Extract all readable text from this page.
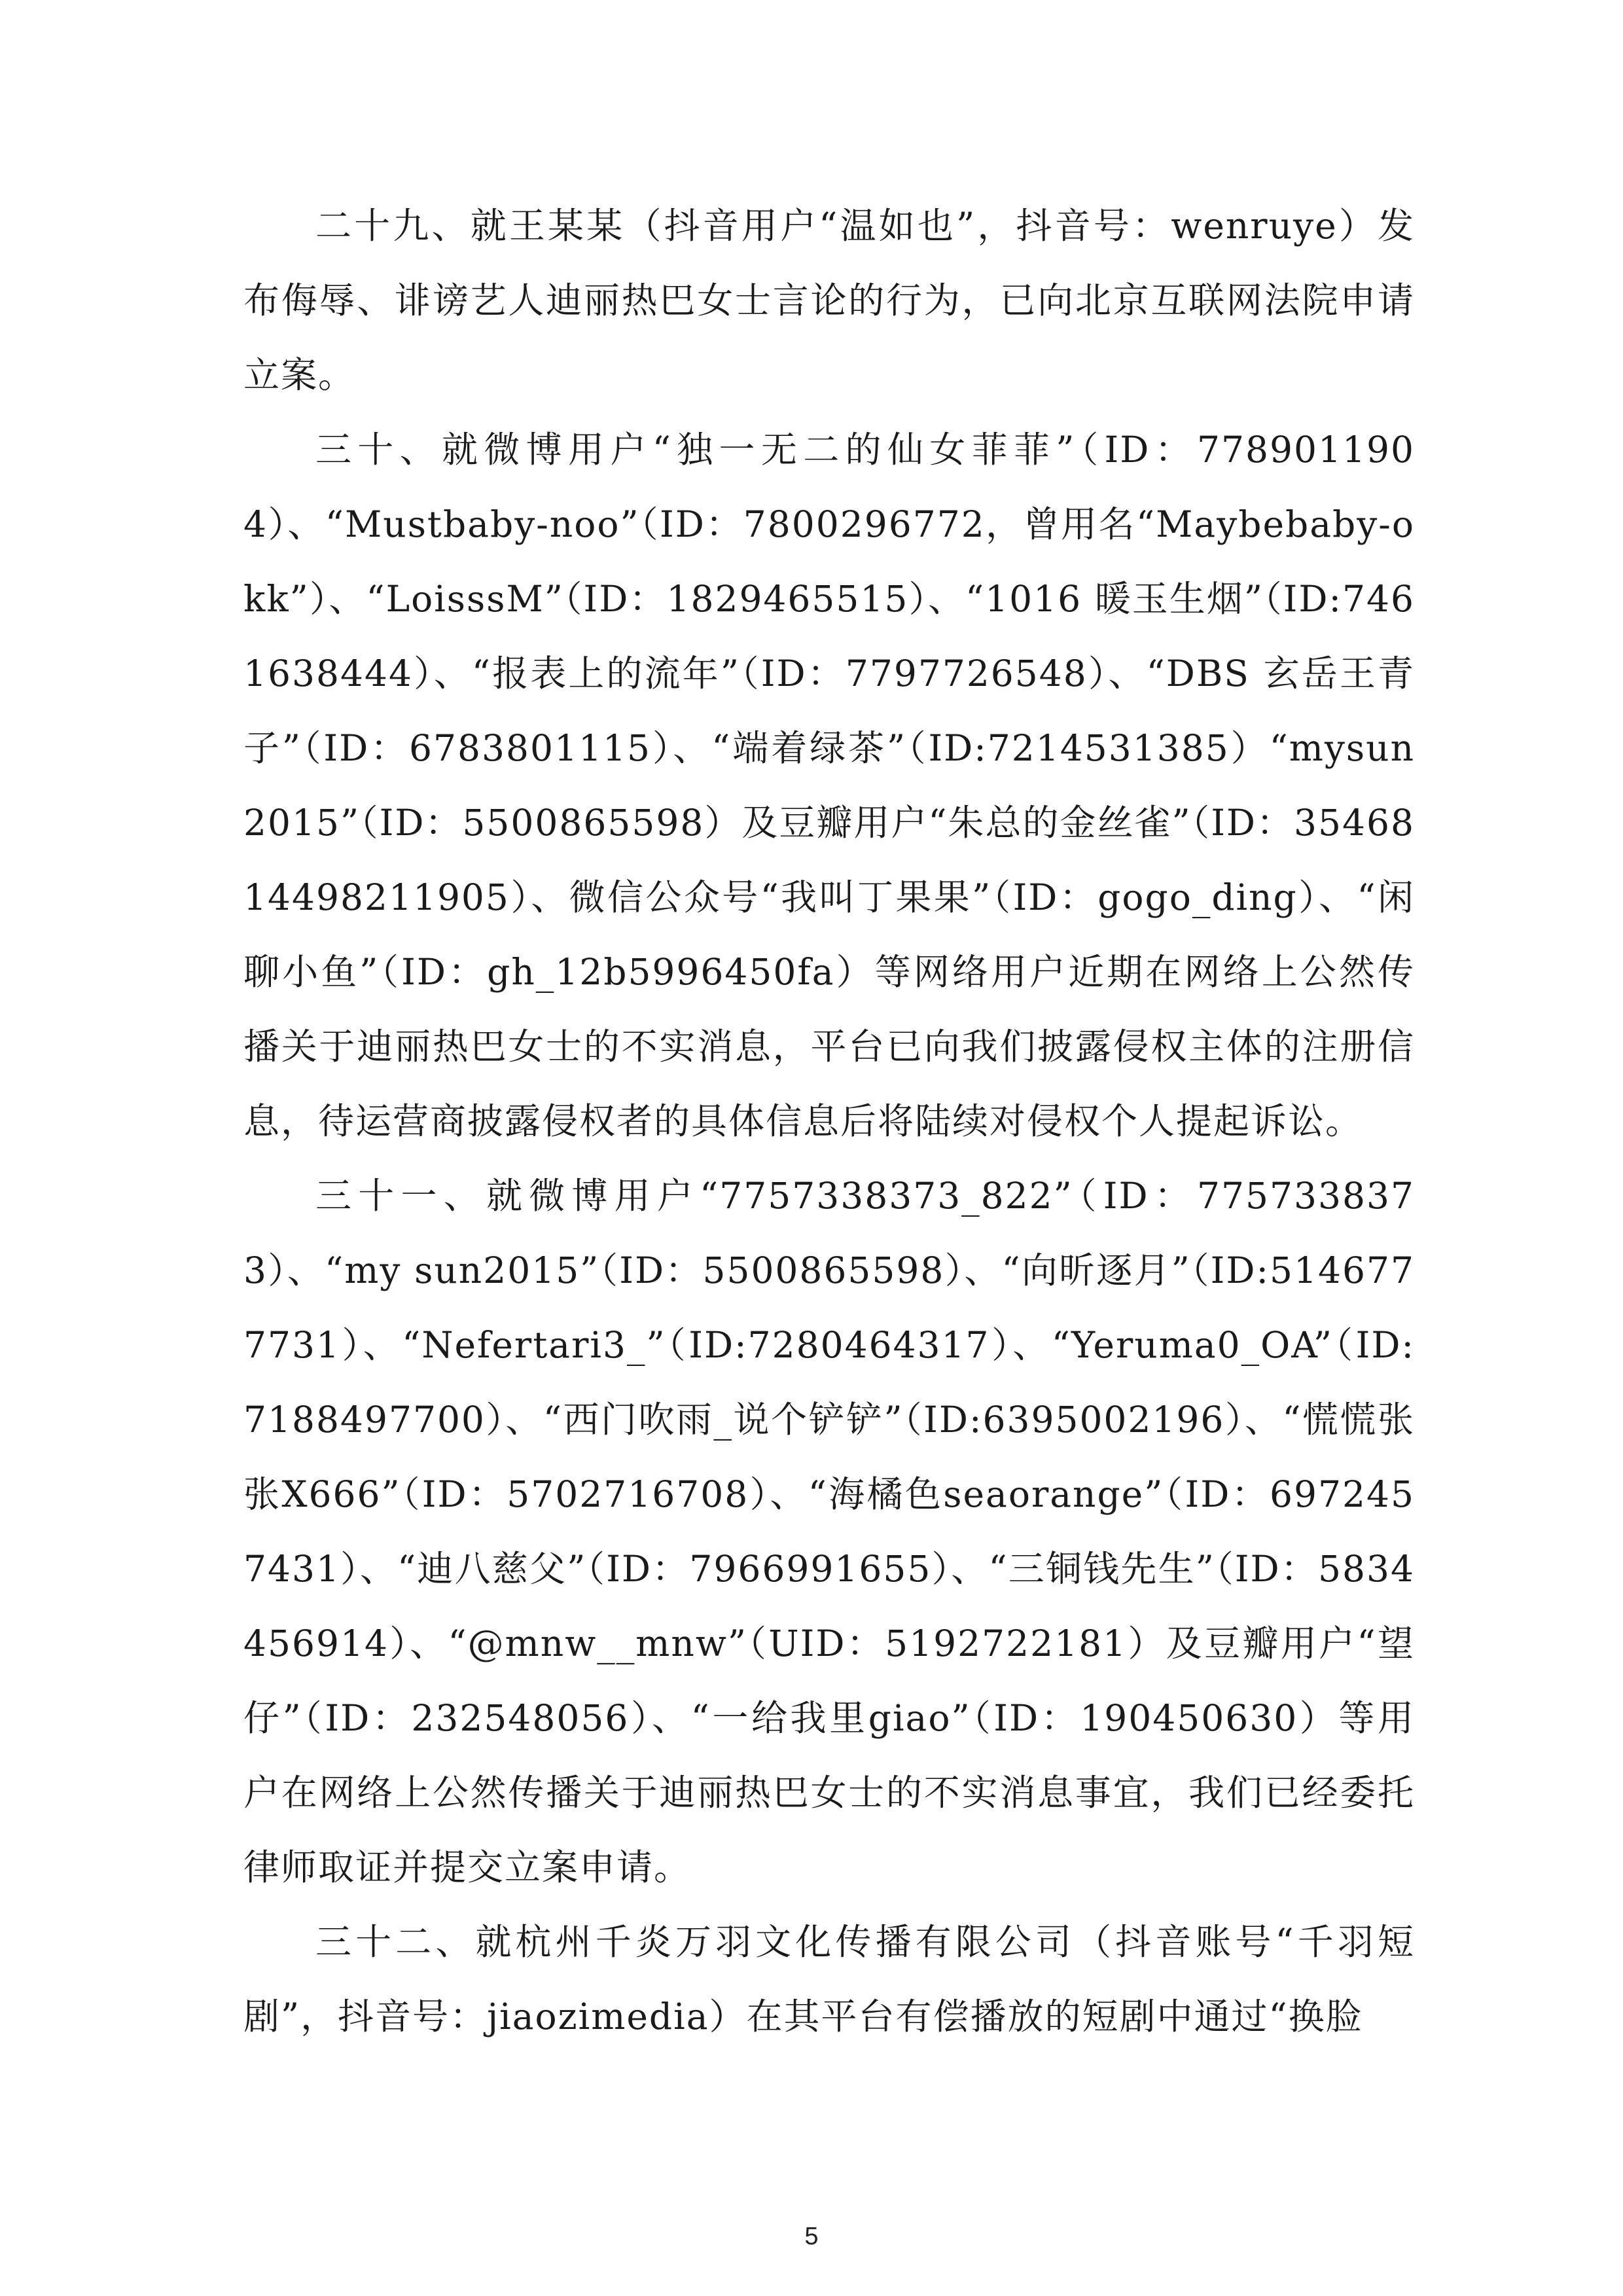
二十九、就王某某（抖音用户“温如也”，抖音号：wenruye）发布侮辱、诽谤艺人迪丽热巴女士言论的行为，已向北京互联网法院申请立案。

三十、就微博用户“独一无二的仙女菲菲”（ID：7789011904）、“Mustbaby-noo”（ID：7800296772，曾用名“Maybebaby-okk”）、“LoisssM”（ID：1829465515）、“1016 暖玉生烟”（ID:7461638444）、“报表上的流年”（ID：7797726548）、“DBS 玄岳王青子”（ID：6783801115）、“端着绿茶”（ID:7214531385）“mysun2015”（ID：5500865598）及豆瓣用户“朱总的金丝雀”（ID：3546814498211905）、微信公众号“我叫丁果果”（ID：gogo_ding）、“闲聊小鱼”（ID：gh_12b5996450fa）等网络用户近期在网络上公然传播关于迪丽热巴女士的不实消息，平台已向我们披露侵权主体的注册信息，待运营商披露侵权者的具体信息后将陆续对侵权个人提起诉讼。

三十一、就微博用户“7757338373_822”（ID：7757338373）、“my sun2015”（ID：5500865598）、“向昕逐月”（ID:5146777731）、“Nefertari3_”（ID:7280464317）、“Yeruma0_OA”（ID:7188497700）、“西门吹雨_说个铲铲”（ID:6395002196）、“慌慌张张X666”（ID：5702716708）、“海橘色seaorange”（ID：6972457431）、“迪八慈父”（ID：7966991655）、“三铜钱先生”（ID：5834456914）、“@mnw__mnw”（UID：5192722181）及豆瓣用户“望仔”（ID：232548056）、“一给我里giao”（ID：190450630）等用户在网络上公然传播关于迪丽热巴女士的不实消息事宜，我们已经委托律师取证并提交立案申请。

三十二、就杭州千炎万羽文化传播有限公司（抖音账号“千羽短剧”，抖音号：jiaozimedia）在其平台有偿播放的短剧中通过“换脸

5
